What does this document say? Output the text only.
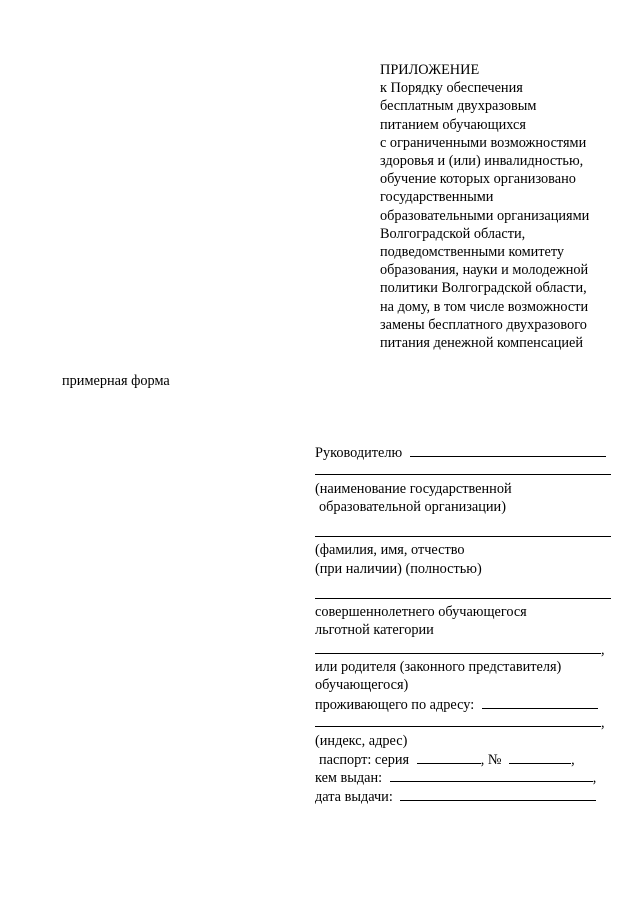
ПРИЛОЖЕНИЕ
к Порядку обеспечения
бесплатным двухразовым
питанием обучающихся
с ограниченными возможностями
здоровья и (или) инвалидностью,
обучение которых организовано
государственными
образовательными организациями
Волгоградской области,
подведомственными комитету
образования, науки и молодежной
политики Волгоградской области,
на дому, в том числе возможности
замены бесплатного двухразового
питания денежной компенсацией
примерная форма
Руководителю
(наименование государственной
образовательной организации)
(фамилия, имя, отчество
(при наличии) (полностью)
совершеннолетнего обучающегося
льготной категории
,
или родителя (законного представителя)
обучающегося)
проживающего по адресу:
,
(индекс, адрес)
паспорт: серия	, №	,
кем выдан:	,
дата выдачи:
